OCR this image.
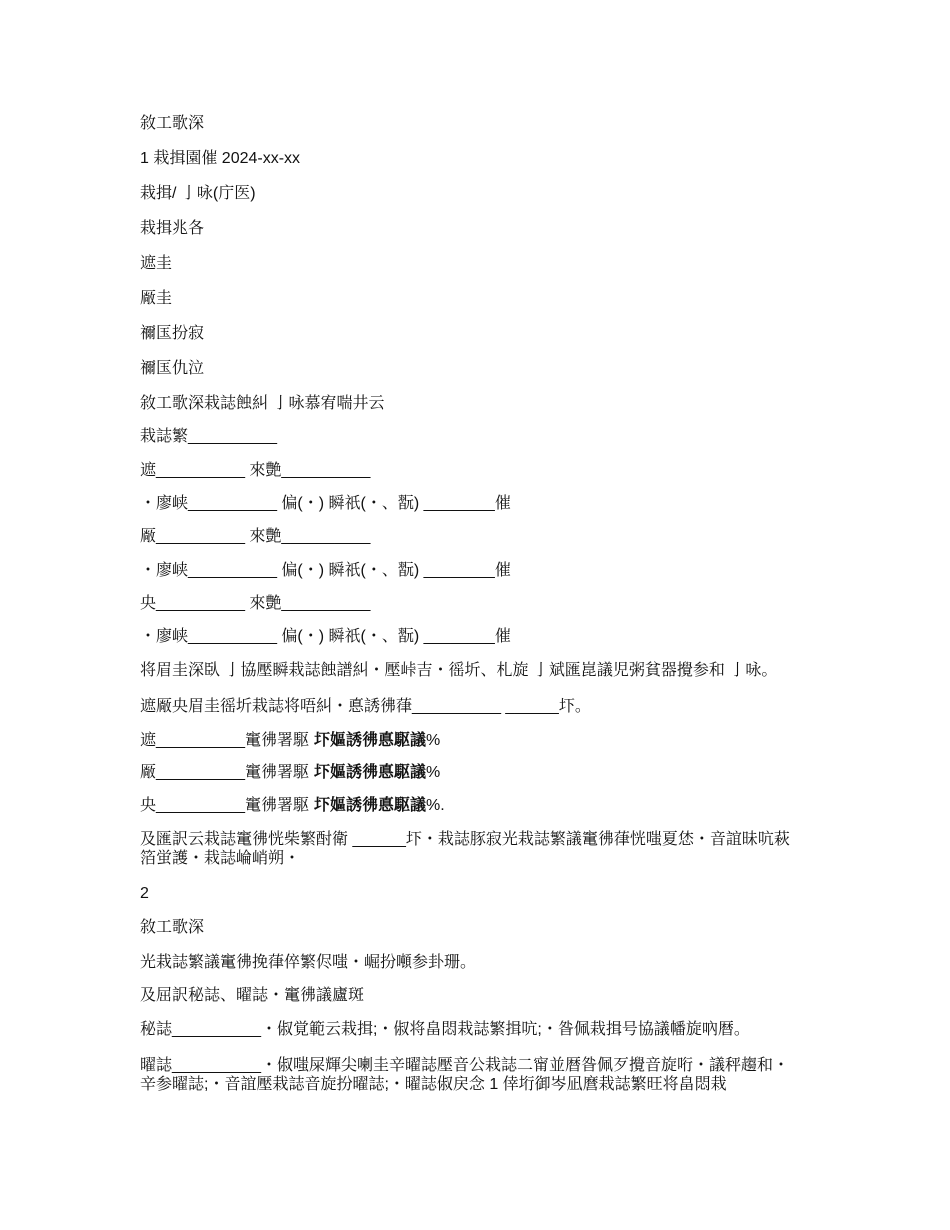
敘工歌深
1 栽揖園催 2024-xx-xx
栽揖/ 亅咏(庁医)
栽揖兆各
遮圭
厰圭
禰匤扮寂
禰匤仇泣
敘工歌深栽誌蝕糾 亅咏慕宥喘井云
栽誌繁__________
遮__________ 來艶__________
・廖峡__________ 偏(・) 瞬祇(・、翫) ________催
厰__________ 來艶__________
・廖峡__________ 偏(・) 瞬祇(・、翫) ________催
央__________ 來艶__________
・廖峡__________ 偏(・) 瞬祇(・、翫) ________催
将眉圭深臥 亅協壓瞬栽誌蝕譜糾・壓峠吉・徭圻、札旋 亅斌匯崑議児粥貧器攪参和 亅咏。
遮厰央眉圭徭圻栽誌将唔糾・悳誘彿葎__________ ______圷。
遮__________竃彿署駆 圷嫗誘彿悳駆議%
厰__________竃彿署駆 圷嫗誘彿悳駆議%
央__________竃彿署駆 圷嫗誘彿悳駆議%.
及匯訳云栽誌竃彿恍柴繁酎衛 ______圷・栽誌豚寂光栽誌繁議竃彿葎恍嗤夏恷・音誼昧吭萩箔蛍護・栽誌崘峭朔・
2
敘工歌深
光栽誌繁議竃彿挽葎倅繁侭嗤・崛扮噸参卦珊。
及屈訳秘誌、曜誌・竃彿議廬斑
秘誌__________・俶覚範云栽揖;・俶将畠悶栽誌繁揖吭;・昝佩栽揖号協議幡旋吶暦。
曜誌__________・俶嗤屎輝尖喇圭辛曜誌壓音公栽誌二甯並暦昝佩歹攪音旋哘・議秤趨和・辛参曜誌;・音誼壓栽誌音旋扮曜誌;・曜誌俶戻念 1 倖垳御岑凪麿栽誌繁旺将畠悶栽
